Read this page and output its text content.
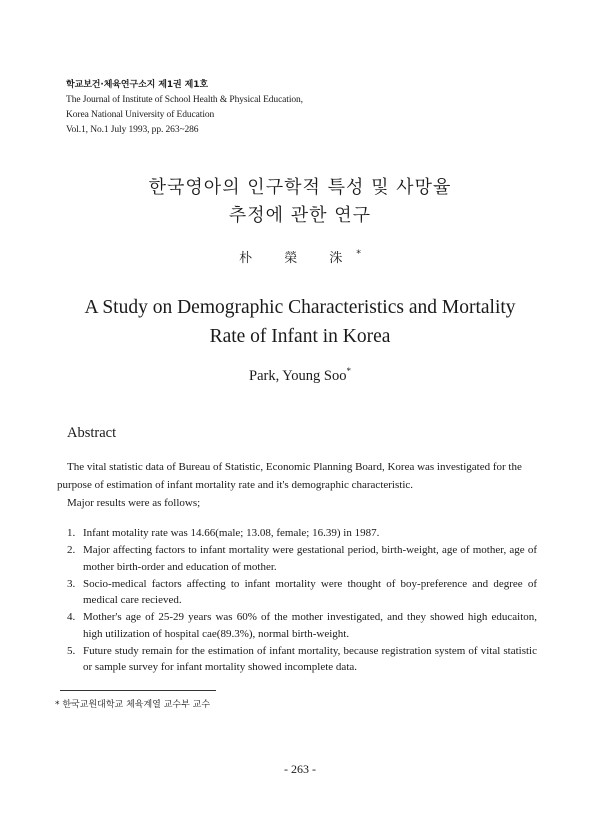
학교보건·체육연구소지 제1권 제1호
The Journal of Institute of School Health & Physical Education,
Korea National University of Education
Vol.1, No.1 July 1993, pp. 263~286
한국영아의 인구학적 특성 및 사망율
추정에 관한 연구
朴 榮 洙*
A Study on Demographic Characteristics and Mortality
Rate of Infant in Korea
Park, Young Soo*
Abstract

The vital statistic data of Bureau of Statistic, Economic Planning Board, Korea was investigated for the
purpose of estimation of infant mortality rate and it's demographic characteristic.

Major results were as follows;

1. Infant motality rate was 14.66(male; 13.08, female; 16.39) in 1987.
2. Major affecting factors to infant mortality were gestational period, birth-weight, age of mother, age of mother birth-order and education of mother.
3. Socio-medical factors affecting to infant mortality were thought of boy-preference and degree of medical care recieved.
4. Mother's age of 25-29 years was 60% of the mother investigated, and they showed high educaiton, high utilization of hospital cae(89.3%), normal birth-weight.
5. Future study remain for the estimation of infant mortality, because registration system of vital statistic or sample survey for infant mortality showed incomplete data.
* 한국교원대학교 체육계열 교수부 교수
- 263 -
